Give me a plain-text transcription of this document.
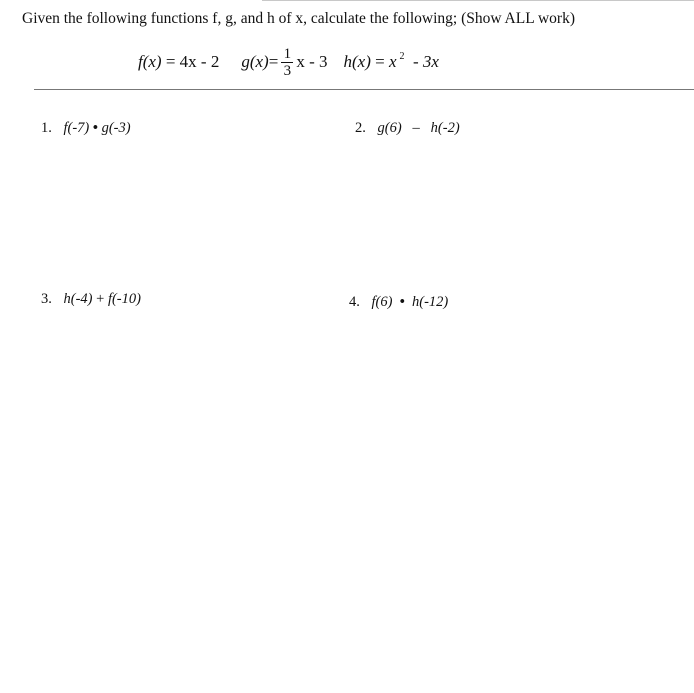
Given the following functions f, g, and h of x, calculate the following; (Show ALL work)
f(x)
= 4x - 2 $g(x) = \frac{1}{3}$ x - 3 h(x)
=
x $^2$
- 3x
1. f(-7) • g(-3)	2. g(6) – h(-2)
3. h(-4) + f(-10)	4. f(6) • h(-12)
